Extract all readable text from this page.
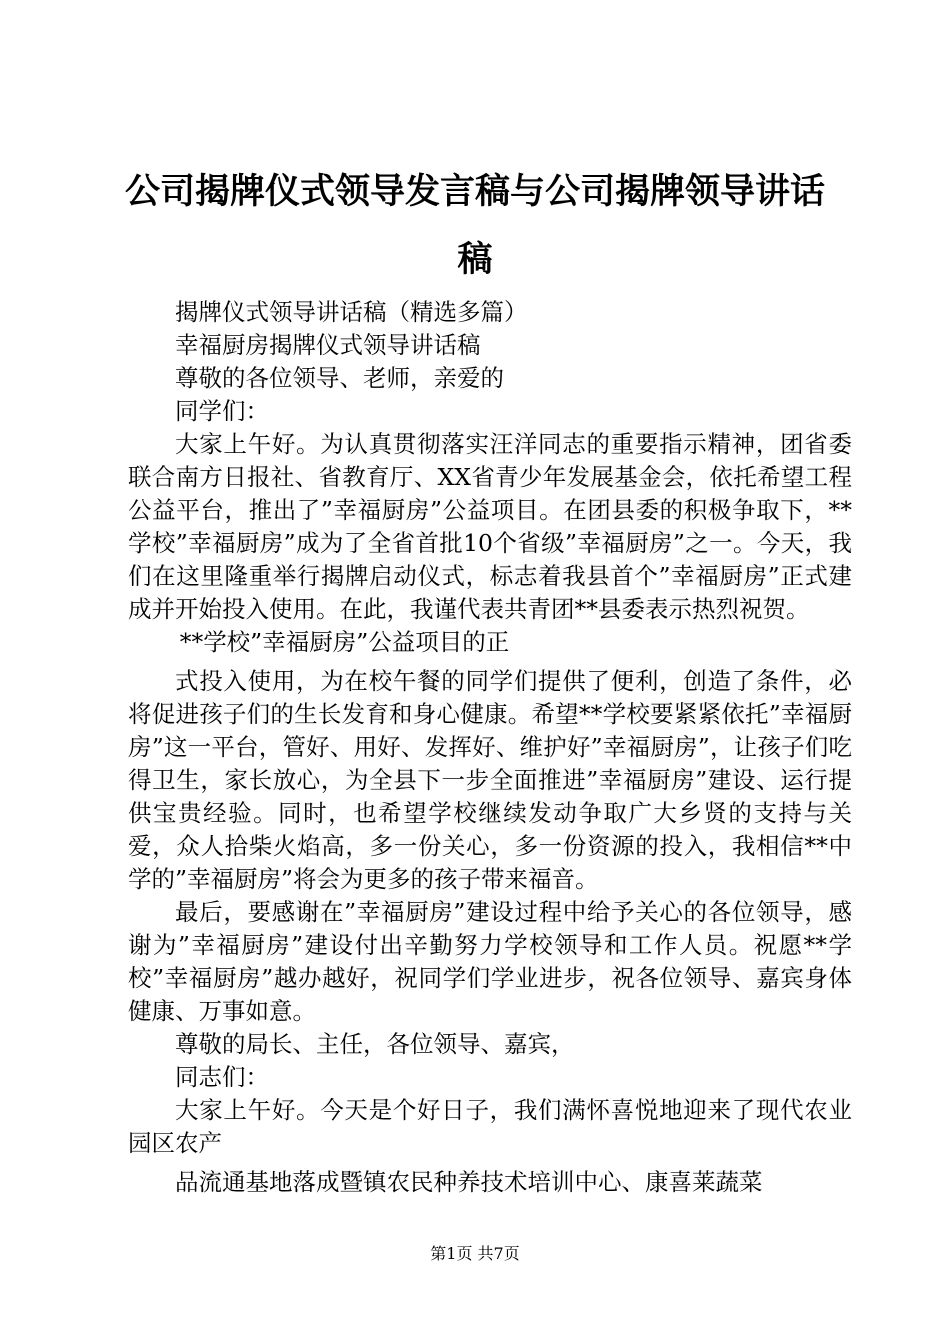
公司揭牌仪式领导发言稿与公司揭牌领导讲话稿

揭牌仪式领导讲话稿（精选多篇）

幸福厨房揭牌仪式领导讲话稿

尊敬的各位领导、老师，亲爱的

同学们：

大家上午好。为认真贯彻落实汪洋同志的重要指示精神，团省委联合南方日报社、省教育厅、XX省青少年发展基金会，依托希望工程公益平台，推出了”幸福厨房”公益项目。在团县委的积极争取下，**学校”幸福厨房”成为了全省首批10个省级”幸福厨房”之一。今天，我们在这里隆重举行揭牌启动仪式，标志着我县首个”幸福厨房”正式建成并开始投入使用。在此，我谨代表共青团**县委表示热烈祝贺。

**学校”幸福厨房”公益项目的正

式投入使用，为在校午餐的同学们提供了便利，创造了条件，必将促进孩子们的生长发育和身心健康。希望**学校要紧紧依托”幸福厨房”这一平台，管好、用好、发挥好、维护好”幸福厨房”，让孩子们吃得卫生，家长放心，为全县下一步全面推进”幸福厨房”建设、运行提供宝贵经验。同时，也希望学校继续发动争取广大乡贤的支持与关爱，众人拾柴火焰高，多一份关心，多一份资源的投入，我相信**中学的”幸福厨房”将会为更多的孩子带来福音。

最后，要感谢在”幸福厨房”建设过程中给予关心的各位领导，感谢为”幸福厨房”建设付出辛勤努力学校领导和工作人员。祝愿**学校”幸福厨房”越办越好，祝同学们学业进步，祝各位领导、嘉宾身体健康、万事如意。

尊敬的局长、主任，各位领导、嘉宾，

同志们：

大家上午好。今天是个好日子，我们满怀喜悦地迎来了现代农业园区农产

品流通基地落成暨镇农民种养技术培训中心、康喜莱蔬菜

第1页 共7页
